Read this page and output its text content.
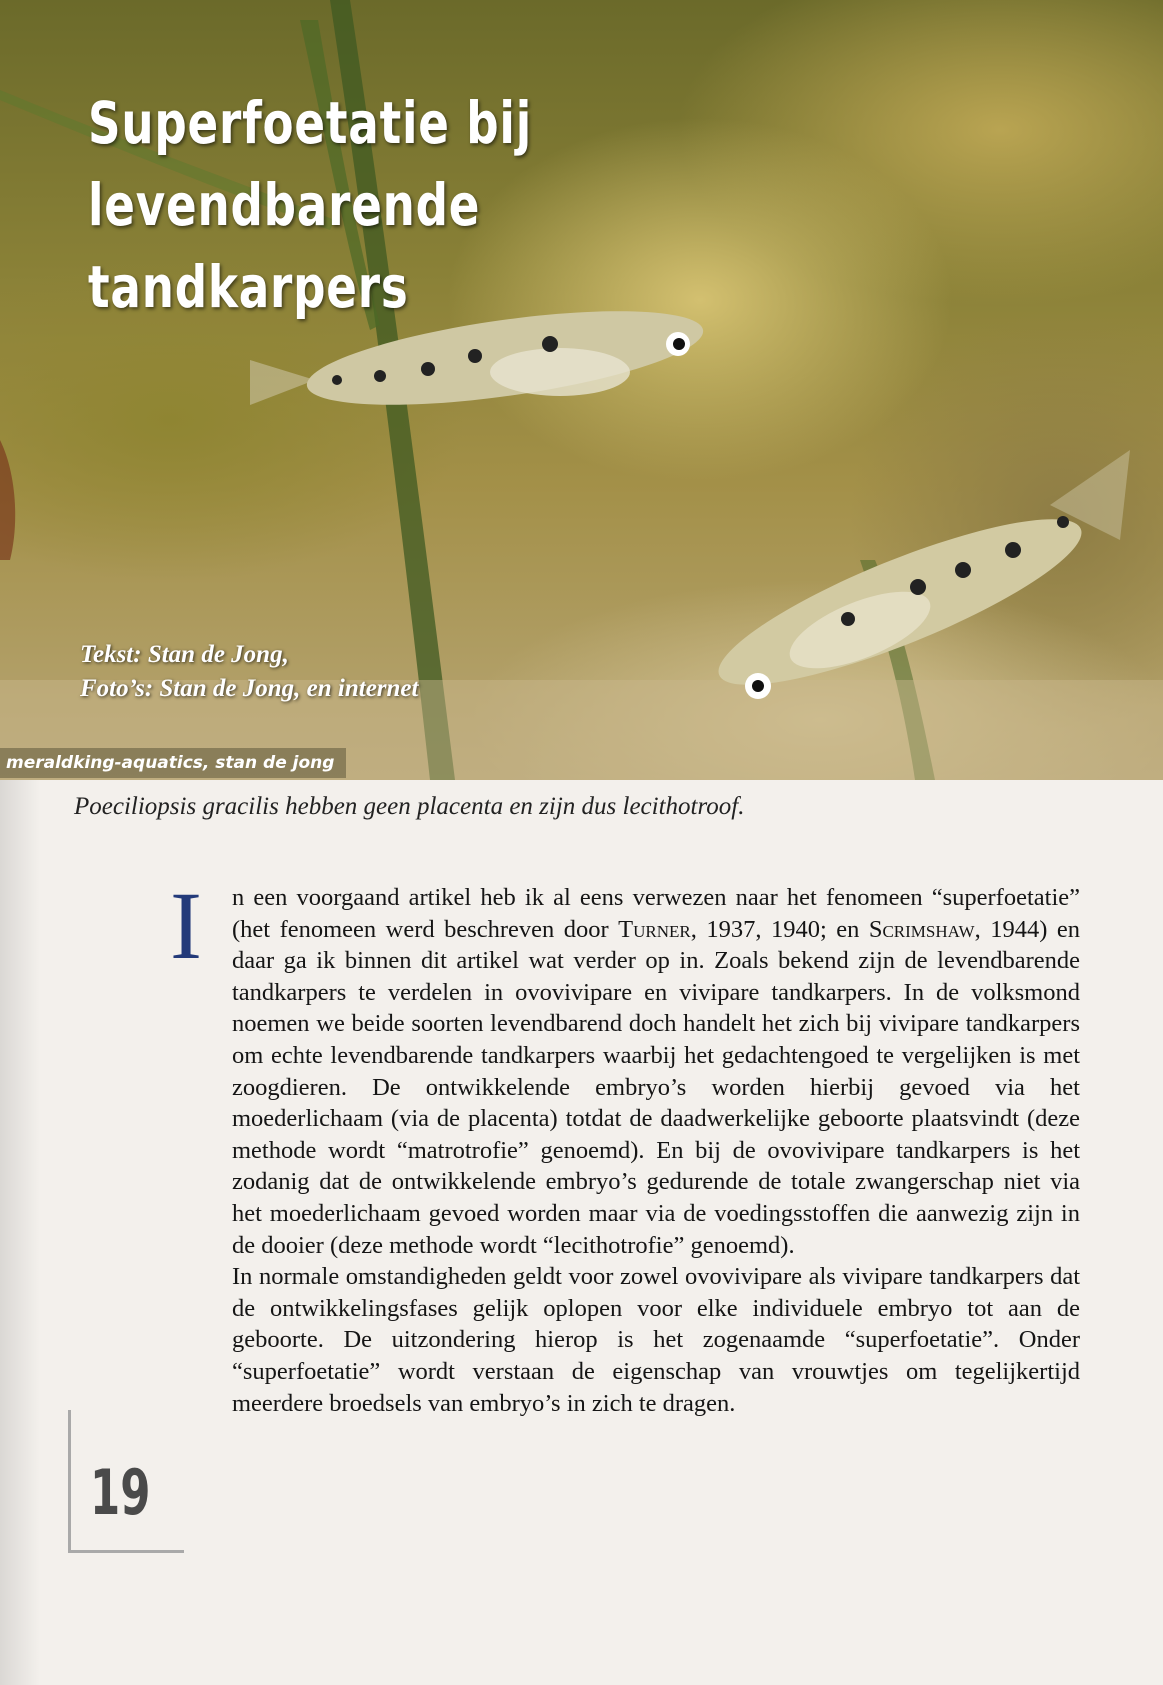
Superfoetatie bij levendbarende
tandkarpers
Tekst: Stan de Jong,
Foto’s: Stan de Jong, en internet
meraldking-aquatics, stan de jong
Poeciliopsis gracilis hebben geen placenta en zijn dus lecithotroof.

I n een voorgaand artikel heb ik al eens verwezen naar het fenomeen “superfoetatie” (het fenomeen werd beschreven door Turner, 1937, 1940; en Scrimshaw, 1944) en daar ga ik binnen dit artikel wat verder op in. Zoals bekend zijn de levendbarende tandkarpers te verdelen in ovovivipare en vivipare tandkarpers. In de volksmond noemen we beide soorten levendbarend doch handelt het zich bij vivipare tandkarpers om echte levendbarende tandkarpers waarbij het gedachtengoed te vergelijken is met zoogdieren. De ontwikkelende embryo’s worden hierbij gevoed via het moederlichaam (via de placenta) totdat de daadwerkelijke geboorte plaatsvindt (deze methode wordt “matrotrofie” genoemd). En bij de ovovivipare tandkarpers is het zodanig dat de ontwikkelende embryo’s gedurende de totale zwangerschap niet via het moederlichaam gevoed worden maar via de voedingsstoffen die aanwezig zijn in de dooier (deze methode wordt “lecithotrofie” genoemd).

In normale omstandigheden geldt voor zowel ovovivipare als vivipare tandkarpers dat de ontwikkelingsfases gelijk oplopen voor elke individuele embryo tot aan de geboorte. De uitzondering hierop is het zogenaamde “superfoetatie”. Onder “superfoetatie” wordt verstaan de eigenschap van vrouwtjes om tegelijkertijd meerdere broedsels van embryo’s in zich te dragen.

19
